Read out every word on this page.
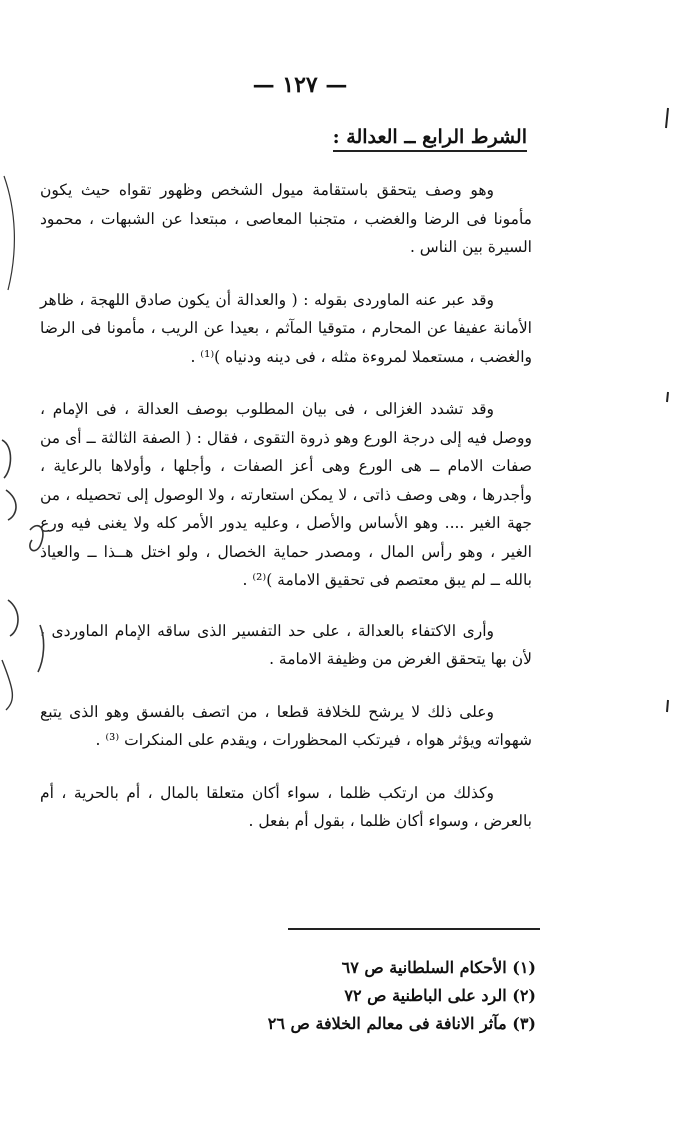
— ١٢٧ —
الشرط الرابع ــ العدالة :

وهو وصف يتحقق باستقامة ميول الشخص وظهور تقواه حيث يكون مأمونا فى الرضا والغضب ، متجنبا المعاصى ، مبتعدا عن الشبهات ، محمود السيرة بين الناس .

وقد عبر عنه الماوردى بقوله : ( والعدالة أن يكون صادق اللهجة ، ظاهر الأمانة عفيفا عن المحارم ، متوقيا المآثم ، بعيدا عن الريب ، مأمونا فى الرضا والغضب ، مستعملا لمروءة مثله ، فى دينه ودنياه )⁽¹⁾ .

وقد تشدد الغزالى ، فى بيان المطلوب بوصف العدالة ، فى الإمام ، ووصل فيه إلى درجة الورع وهو ذروة التقوى ، فقال : ( الصفة الثالثة ــ أى من صفات الامام ــ هى الورع وهى أعز الصفات ، وأجلها ، وأولاها بالرعاية ، وأجدرها ، وهى وصف ذاتى ، لا يمكن استعارته ، ولا الوصول إلى تحصيله ، من جهة الغير .... وهو الأساس والأصل ، وعليه يدور الأمر كله ولا يغنى فيه ورع الغير ، وهو رأس المال ، ومصدر حماية الخصال ، ولو اختل هــذا ــ والعياذ بالله ــ لم يبق معتصم فى تحقيق الامامة )⁽²⁾ .

وأرى الاكتفاء بالعدالة ، على حد التفسير الذى ساقه الإمام الماوردى ، لأن بها يتحقق الغرض من وظيفة الامامة .

وعلى ذلك لا يرشح للخلافة قطعا ، من اتصف بالفسق وهو الذى يتبع شهواته ويؤثر هواه ، فيرتكب المحظورات ، ويقدم على المنكرات ⁽³⁾ .

وكذلك من ارتكب ظلما ، سواء أكان متعلقا بالمال ، أم بالحرية ، أم بالعرض ، وسواء أكان ظلما ، بقول أم بفعل .

(١) الأحكام السلطانية ص ٦٧

(٢) الرد على الباطنية ص ٧٢

(٣) مآثر الانافة فى معالم الخلافة ص ٢٦
